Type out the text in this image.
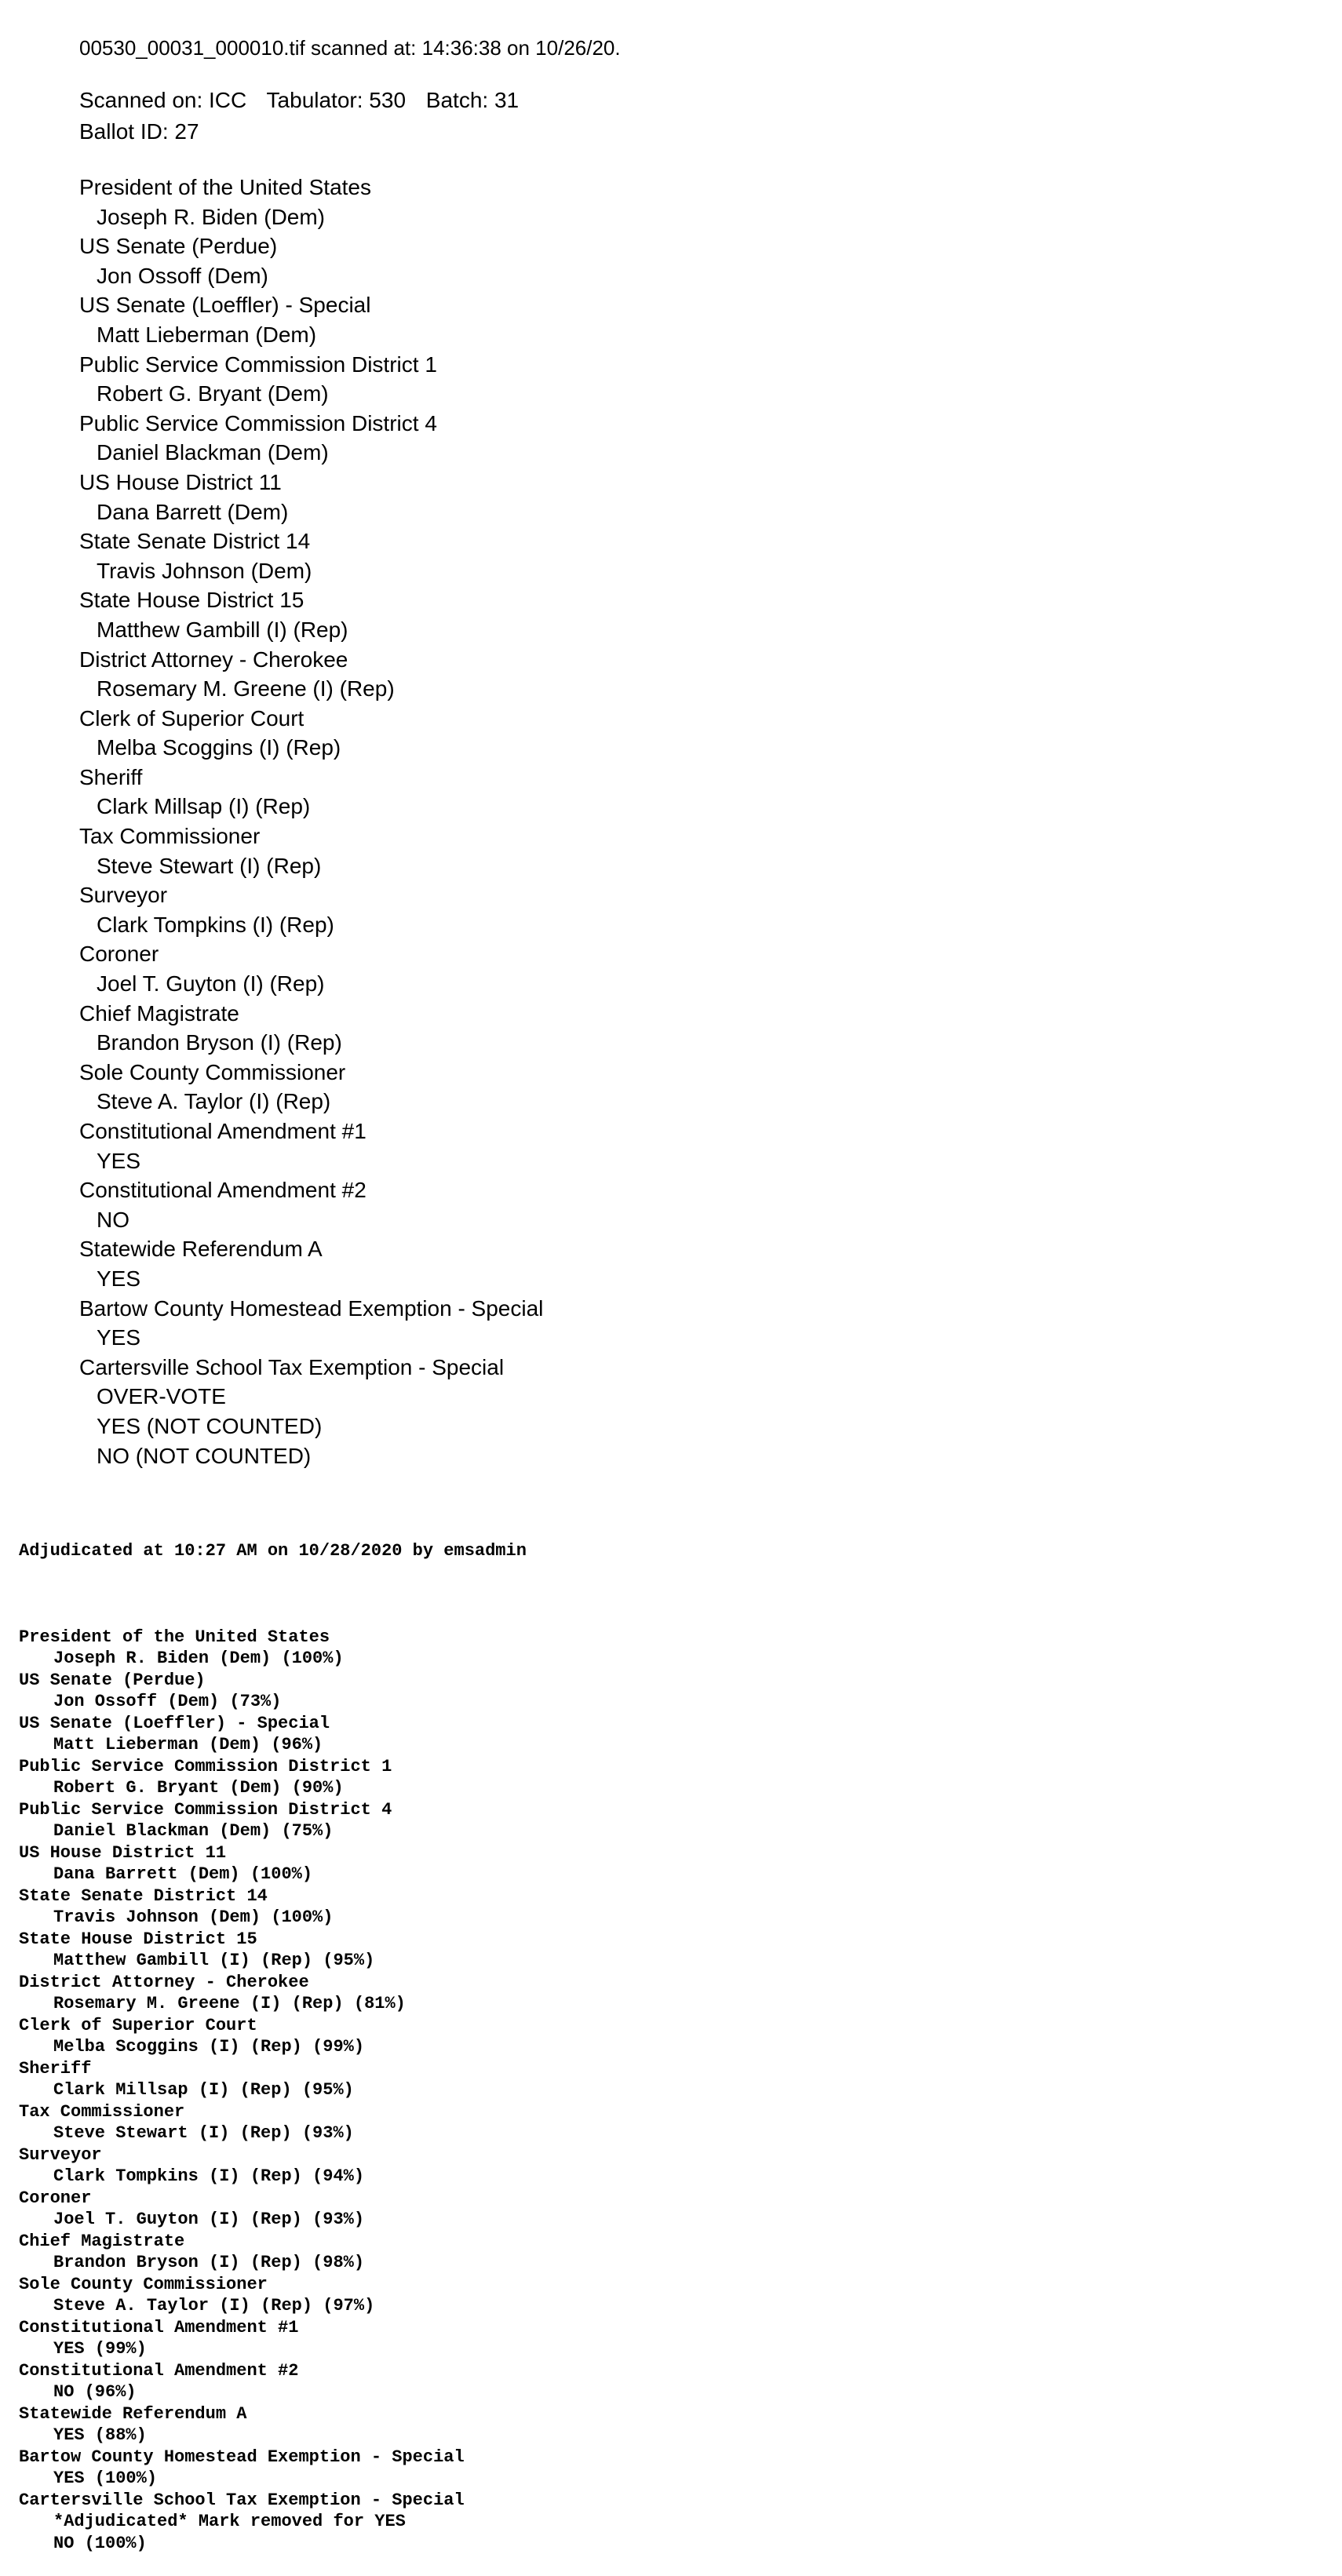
00530_00031_000010.tif scanned at: 14:36:38 on 10/26/20.
Scanned on: ICC Tabulator: 530 Batch: 31
Ballot ID: 27
President of the United States
Joseph R. Biden (Dem)
US Senate (Perdue)
Jon Ossoff (Dem)
US Senate (Loeffler) - Special
Matt Lieberman (Dem)
Public Service Commission District 1
Robert G. Bryant (Dem)
Public Service Commission District 4
Daniel Blackman (Dem)
US House District 11
Dana Barrett (Dem)
State Senate District 14
Travis Johnson (Dem)
State House District 15
Matthew Gambill (I) (Rep)
District Attorney - Cherokee
Rosemary M. Greene (I) (Rep)
Clerk of Superior Court
Melba Scoggins (I) (Rep)
Sheriff
Clark Millsap (I) (Rep)
Tax Commissioner
Steve Stewart (I) (Rep)
Surveyor
Clark Tompkins (I) (Rep)
Coroner
Joel T. Guyton (I) (Rep)
Chief Magistrate
Brandon Bryson (I) (Rep)
Sole County Commissioner
Steve A. Taylor (I) (Rep)
Constitutional Amendment #1
YES
Constitutional Amendment #2
NO
Statewide Referendum A
YES
Bartow County Homestead Exemption - Special
YES
Cartersville School Tax Exemption - Special
OVER-VOTE
YES (NOT COUNTED)
NO (NOT COUNTED)

Adjudicated at 10:27 AM on 10/28/2020 by emsadmin

President of the United States
Joseph R. Biden (Dem) (100%)
US Senate (Perdue)
Jon Ossoff (Dem) (73%)
US Senate (Loeffler) - Special
Matt Lieberman (Dem) (96%)
Public Service Commission District 1
Robert G. Bryant (Dem) (90%)
Public Service Commission District 4
Daniel Blackman (Dem) (75%)
US House District 11
Dana Barrett (Dem) (100%)
State Senate District 14
Travis Johnson (Dem) (100%)
State House District 15
Matthew Gambill (I) (Rep) (95%)
District Attorney - Cherokee
Rosemary M. Greene (I) (Rep) (81%)
Clerk of Superior Court
Melba Scoggins (I) (Rep) (99%)
Sheriff
Clark Millsap (I) (Rep) (95%)
Tax Commissioner
Steve Stewart (I) (Rep) (93%)
Surveyor
Clark Tompkins (I) (Rep) (94%)
Coroner
Joel T. Guyton (I) (Rep) (93%)
Chief Magistrate
Brandon Bryson (I) (Rep) (98%)
Sole County Commissioner
Steve A. Taylor (I) (Rep) (97%)
Constitutional Amendment #1
YES (99%)
Constitutional Amendment #2
NO (96%)
Statewide Referendum A
YES (88%)
Bartow County Homestead Exemption - Special
YES (100%)
Cartersville School Tax Exemption - Special
*Adjudicated* Mark removed for YES
NO (100%)
